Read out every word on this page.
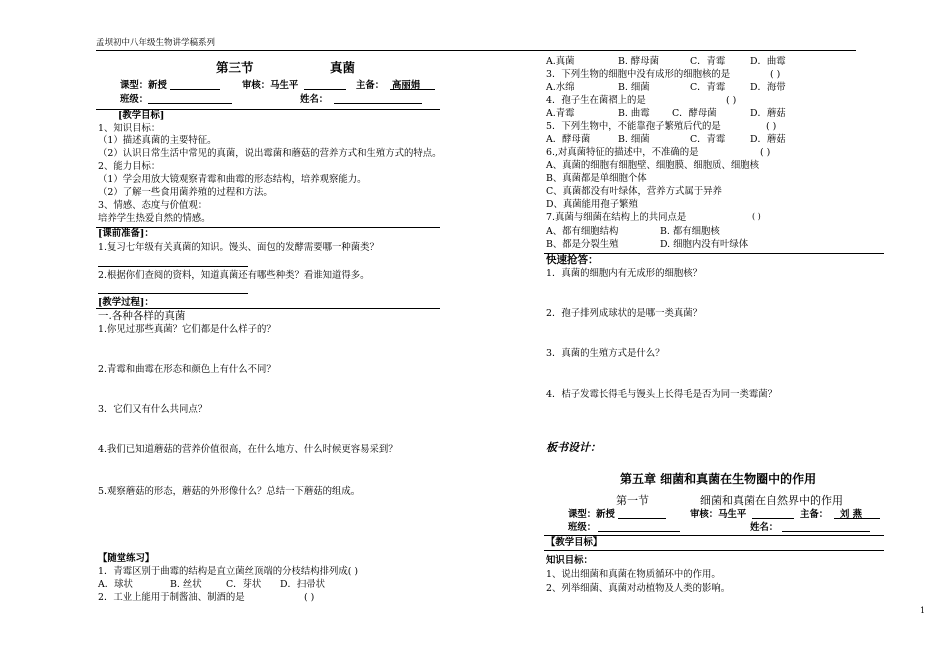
孟坝初中八年级生物讲学稿系列
第三节	真菌
课型：新授	审核：马生平	主备： 高丽娟
班级：	姓名：
[教学目标]
1、知识目标：
（1）描述真菌的主要特征。
（2）认识日常生活中常见的真菌，说出霉菌和蘑菇的营养方式和生殖方式的特点。
2、能力目标：
（1）学会用放大镜观察青霉和曲霉的形态结构，培养观察能力。
（2）了解一些食用菌养殖的过程和方法。
3、情感、态度与价值观：
培养学生热爱自然的情感。
[课前准备]：
1.复习七年级有关真菌的知识。馒头、面包的发酵需要哪一种菌类？
2.根据你们查阅的资料，知道真菌还有哪些种类？看谁知道得多。
[教学过程]：
一.各种各样的真菌
1.你见过那些真菌？它们都是什么样子的？
2.青霉和曲霉在形态和颜色上有什么不同？
3．它们又有什么共同点？
4.我们已知道蘑菇的营养价值很高，在什么地方、什么时候更容易采到？
5.观察蘑菇的形态，蘑菇的外形像什么？总结一下蘑菇的组成。
【随堂练习】
1．青霉区别于曲霉的结构是直立菌丝顶端的分枝结构排列成( )
A．球状	B. 丝状	C．芽状 D．扫帚状
2．工业上能用于制酱油、制酒的是	( )
A.真菌	B. 酵母菌	C．青霉	D．曲霉
3．下列生物的细胞中没有成形的细胞核的是	( )
A.水绵	B. 细菌	C．青霉	D．海带
4．孢子生在菌褶上的是	( )
A.青霉	B. 曲霉 C．酵母菌	D．蘑菇
5．下列生物中，不能靠孢子繁殖后代的是	( )
A．酵母菌	B. 细菌	C．青霉	D．蘑菇
6.,对真菌特征的描述中，不准确的是	( )
A、真菌的细胞有细胞壁、细胞膜、细胞质、细胞核
B、真菌都是单细胞个体
C、真菌都没有叶绿体，营养方式属于异养
D、真菌能用孢子繁殖
7.真菌与细菌在结构上的共同点是	( )
A、都有细胞结构	B. 都有细胞核
B、都是分裂生殖	D. 细胞内没有叶绿体
快速抢答：
1．真菌的细胞内有无成形的细胞核？
2．孢子排列成球状的是哪一类真菌？
3．真菌的生殖方式是什么？
4．桔子发霉长得毛与馒头上长得毛是否为同一类霉菌？
板书设计：
第五章 细菌和真菌在生物圈中的作用
第一节	细菌和真菌在自然界中的作用
课型：新授	审核：马生平	主备： 刘 燕
班级：	姓名：
【教学目标】
知识目标：
1、说出细菌和真菌在物质循环中的作用。
2、列举细菌、真菌对动植物及人类的影响。
1
